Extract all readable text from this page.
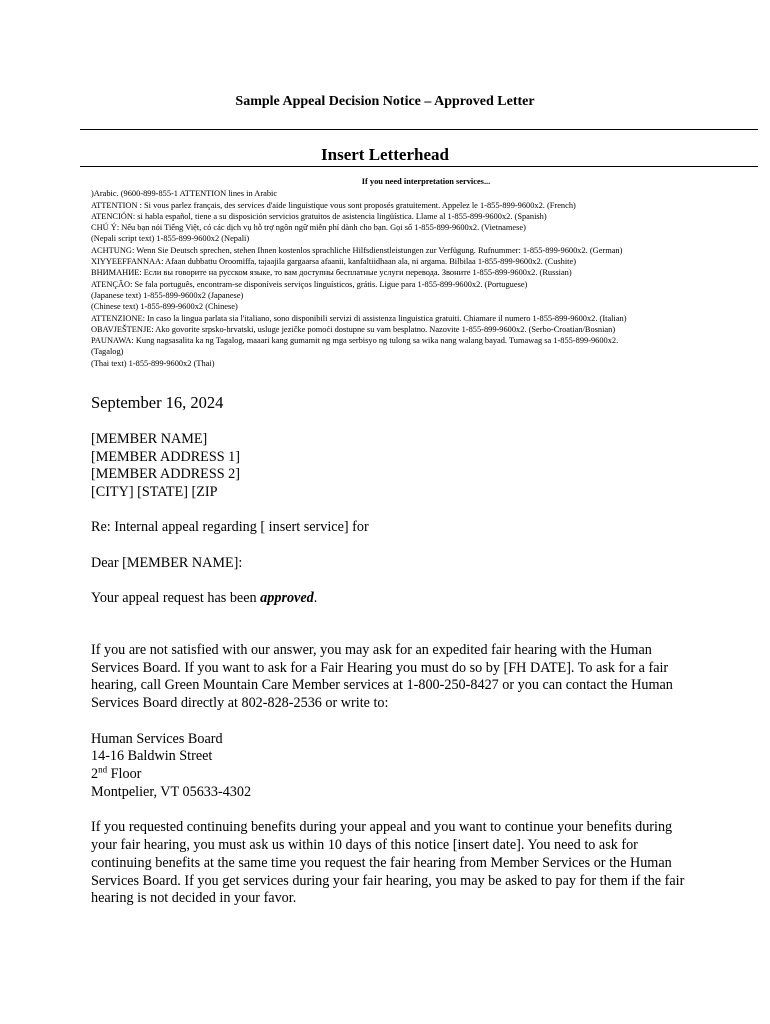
Sample Appeal Decision Notice – Approved Letter
Insert Letterhead
If you need interpretation services...
)Arabic. (9600-899-855-1 ATTENTION lines in Arabic
ATTENTION : Si vous parlez français, des services d'aide linguistique vous sont proposés gratuitement. Appelez le 1-855-899-9600x2. (French)
ATENCIÓN: si habla español, tiene a su disposición servicios gratuitos de asistencia lingüística. Llame al 1-855-899-9600x2. (Spanish)
CHÚ Ý: Nếu bạn nói Tiếng Việt, có các dịch vụ hỗ trợ ngôn ngữ miễn phí dành cho bạn. Gọi số 1-855-899-9600x2. (Vietnamese)
(Nepali script text) 1-855-899-9600x2 (Nepali)
ACHTUNG: Wenn Sie Deutsch sprechen, stehen Ihnen kostenlos sprachliche Hilfsdienstleistungen zur Verfügung. Rufnummer: 1-855-899-9600x2. (German)
XIYYEEFFANNAA: Afaan dubbattu Oroomiffa, tajaajila gargaarsa afaanii, kanfaltiidhaan ala, ni argama. Bilbilaa 1-855-899-9600x2. (Cushite)
ВНИМАНИЕ: Если вы говорите на русском языке, то вам доступны бесплатные услуги перевода. Звоните 1-855-899-9600x2. (Russian)
ATENÇÃO: Se fala português, encontram-se disponíveis serviços linguísticos, grátis. Ligue para 1-855-899-9600x2. (Portuguese)
(Japanese text) 1-855-899-9600x2 (Japanese)
(Chinese text) 1-855-899-9600x2 (Chinese)
ATTENZIONE: In caso la lingua parlata sia l'italiano, sono disponibili servizi di assistenza linguistica gratuiti. Chiamare il numero 1-855-899-9600x2. (Italian)
OBAVJEŠTENJE: Ako govorite srpsko-hrvatski, usluge jezičke pomoći dostupne su vam besplatno. Nazovite 1-855-899-9600x2. (Serbo-Croatian/Bosnian)
PAUNAWA: Kung nagsasalita ka ng Tagalog, maaari kang gumamit ng mga serbisyo ng tulong sa wika nang walang bayad. Tumawag sa 1-855-899-9600x2.
(Tagalog)
(Thai text) 1-855-899-9600x2 (Thai)
September 16, 2024
[MEMBER NAME]
[MEMBER ADDRESS 1]
[MEMBER ADDRESS 2]
[CITY] [STATE] [ZIP
Re: Internal appeal regarding [ insert service] for
Dear [MEMBER NAME]:
Your appeal request has been approved.
If you are not satisfied with our answer, you may ask for an expedited fair hearing with the Human Services Board. If you want to ask for a Fair Hearing you must do so by [FH DATE]. To ask for a fair hearing, call Green Mountain Care Member services at 1-800-250-8427 or you can contact the Human Services Board directly at 802-828-2536 or write to:
Human Services Board
14-16 Baldwin Street
2nd Floor
Montpelier, VT 05633-4302
If you requested continuing benefits during your appeal and you want to continue your benefits during your fair hearing, you must ask us within 10 days of this notice [insert date]. You need to ask for continuing benefits at the same time you request the fair hearing from Member Services or the Human Services Board. If you get services during your fair hearing, you may be asked to pay for them if the fair hearing is not decided in your favor.
